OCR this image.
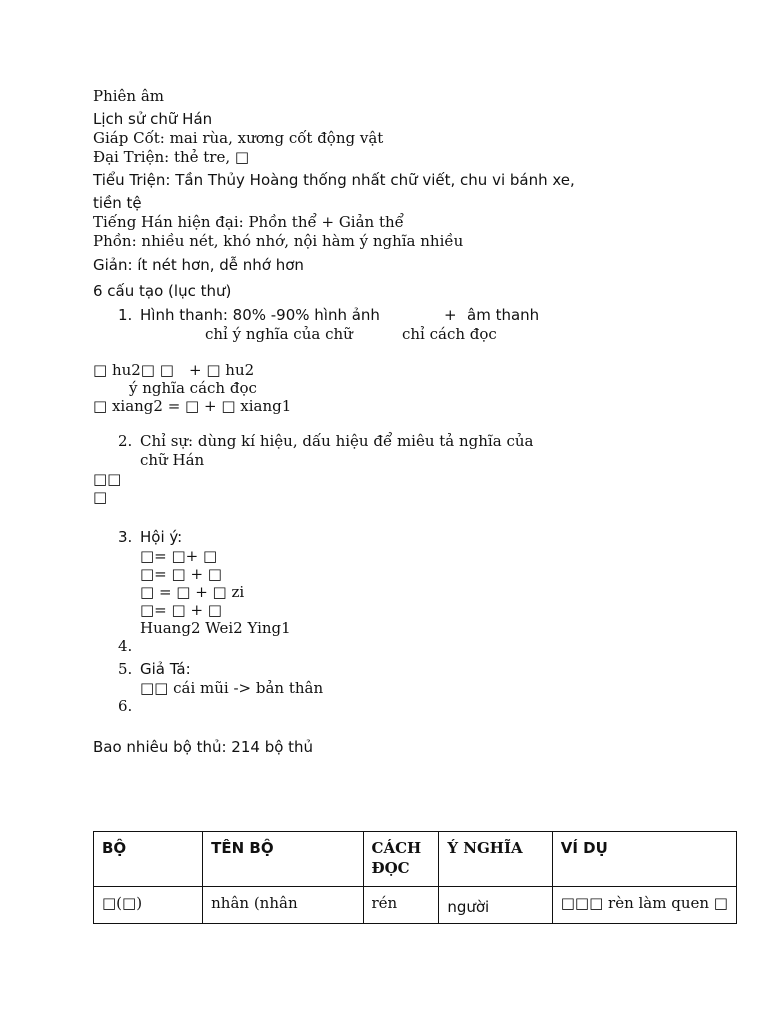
Phiên âm
Lịch sử chữ Hán
Giáp Cốt: mai rùa, xương cốt động vật
Đại Triện: thẻ tre, □
Tiểu Triện: Tần Thủy Hoàng thống nhất chữ viết, chu vi bánh xe,
tiền tệ
Tiếng Hán hiện đại: Phồn thể + Giản thể
Phồn: nhiều nét, khó nhớ, nội hàm ý nghĩa nhiều
Giản: ít nét hơn, dễ nhớ hơn
6 cấu tạo (lục thư)
1. Hình thanh: 80% -90% hình ảnh	+ âm thanh
chỉ ý nghĩa của chữ	chỉ cách đọc
□ hu2□ □ + □ hu2
ý nghĩa cách đọc
□ xiang2 = □ + □ xiang1
2. Chỉ sự: dùng kí hiệu, dấu hiệu để miêu tả nghĩa của
chữ Hán
□□
□
3. Hội ý:
□= □+ □
□= □ + □
□ = □ + □ zi
□= □ + □
Huang2 Wei2 Ying1
4.
5. Giả Tá:
□□ cái mũi -> bản thân
6.
Bao nhiêu bộ thủ: 214 bộ thủ
BỘ	TÊN BỘ	CÁCH ĐỌC	Ý NGHĨA	VÍ DỤ
□(□)	nhân (nhân	rén	người	□□□ rèn làm quen □
